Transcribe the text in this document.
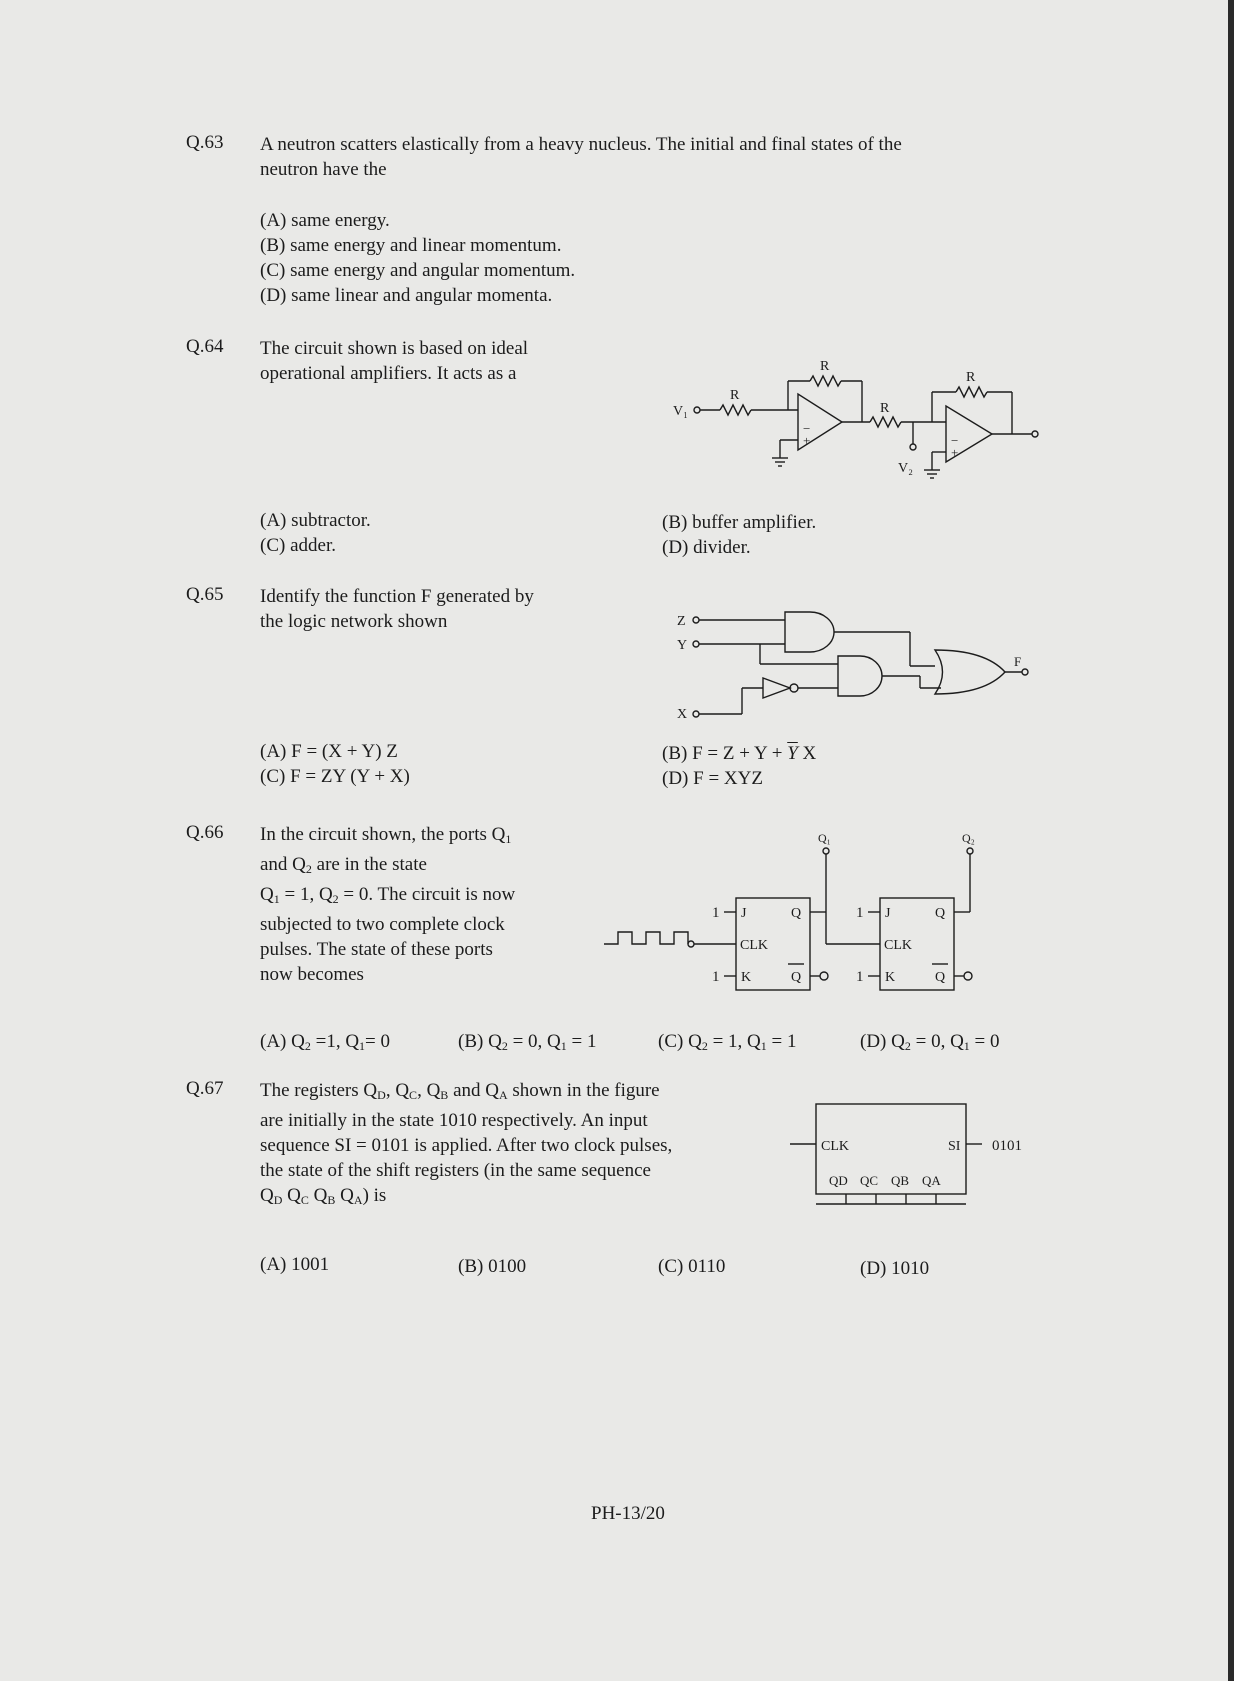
Q.63 A neutron scatters elastically from a heavy nucleus. The initial and final states of the
neutron have the
(A) same energy.
(B) same energy and linear momentum.
(C) same energy and angular momentum.
(D) same linear and angular momenta.
Q.64 The circuit shown is based on ideal
operational amplifiers. It acts as a
−
+	−
+
R
R
R
R
V₁
V₂
(A) subtractor.	(B) buffer amplifier.
(C) adder.	(D) divider.
Q.65 Identify the function F generated by
the logic network shown	Z
Y
X
F
(A) F = (X + Y) Z	(B) $F = Z + Y + \overline{Y}$ X
(C) F = ZY (Y + X)	(D) F = XYZ
Q.66 In the circuit shown, the ports $Q_1$
and $Q_2$ are in the state
$Q_1 = 1$, $Q_2 = 0$. The circuit is now
subjected to two complete clock
pulses. The state of these ports
now becomes
Q₁	Q₂
1
1
1
1
J
K
Q
Q
CLK
J
K
Q
Q
CLK
(A) $Q_2 =1$, $Q_1= 0$	(B) $Q_2 = 0$, $Q_1 = 1$	(C) $Q_2 = 1$, $Q_1 = 1$	(D) $Q_2 = 0$, $Q_1 = 0$
Q.67 The registers $Q_D$, $Q_C$, $Q_B$ and $Q_A$ shown in the figure
are initially in the state 1010 respectively. An input
sequence SI = 0101 is applied. After two clock pulses,
the state of the shift registers (in the same sequence
$Q_D$ $Q_C$ $Q_B$ $Q_A$) is
CLK	SI 0101
QD QC QB QA
(A) 1001	(B) 0100	(C) 0110	(D) 1010
PH-13/20
